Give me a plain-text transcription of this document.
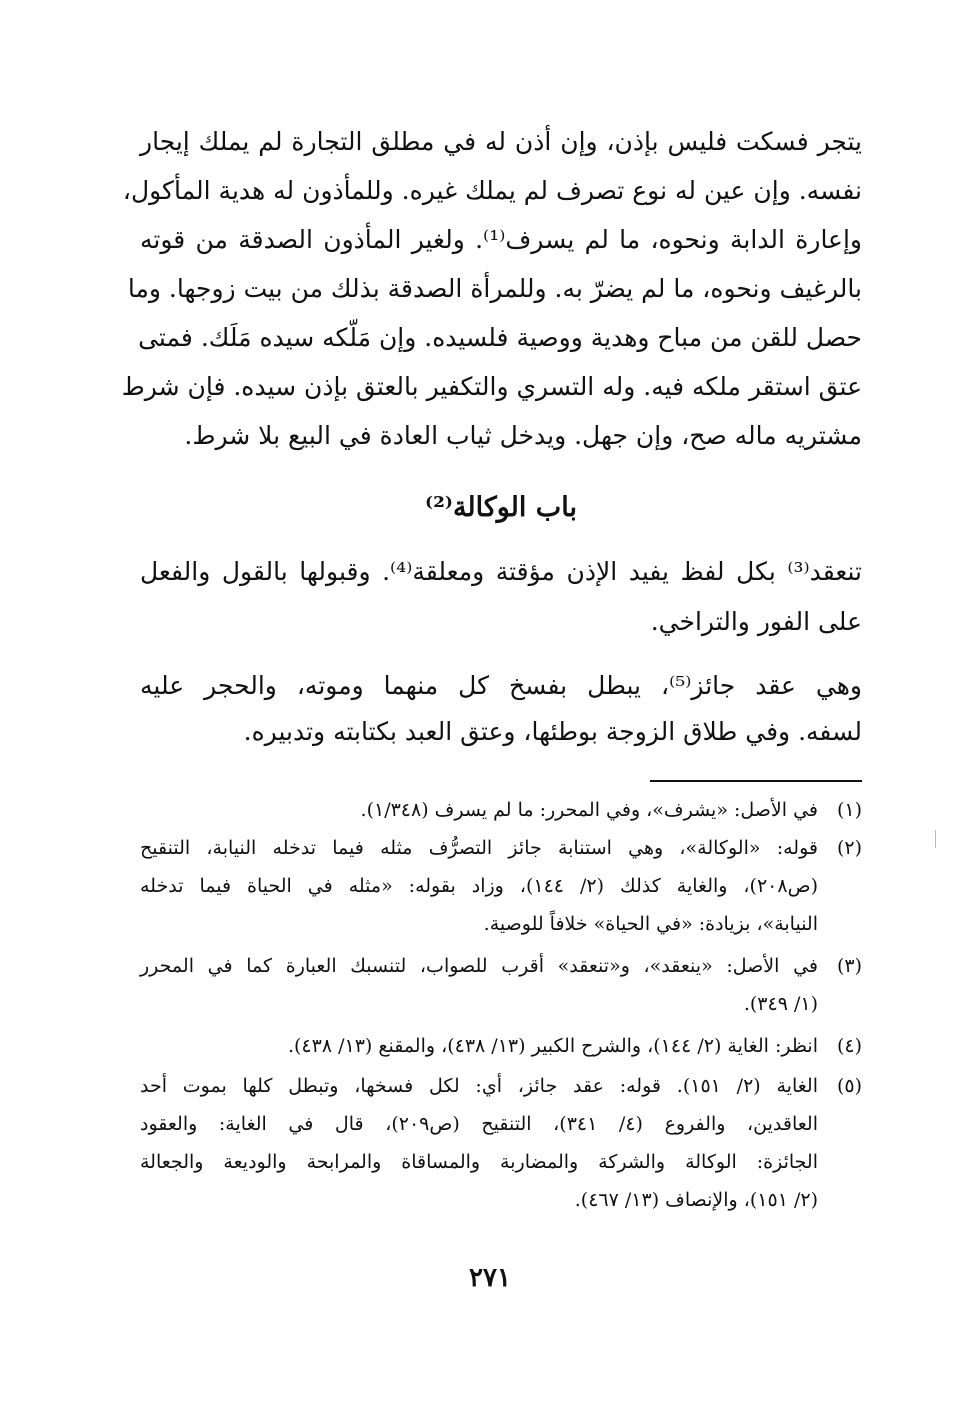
يتجر فسكت فليس بإذن، وإن أذن له في مطلق التجارة لم يملك إيجار
نفسه. وإن عين له نوع تصرف لم يملك غيره. وللمأذون له هدية المأكول،
وإعارة الدابة ونحوه، ما لم يسرف⁽¹⁾. ولغير المأذون الصدقة من قوته
بالرغيف ونحوه، ما لم يضرّ به. وللمرأة الصدقة بذلك من بيت زوجها. وما
حصل للقن من مباح وهدية ووصية فلسيده. وإن مَلّكه سيده مَلَك. فمتى
عتق استقر ملكه فيه. وله التسري والتكفير بالعتق بإذن سيده. فإن شرط
مشتريه ماله صح، وإن جهل. ويدخل ثياب العادة في البيع بلا شرط.
باب الوكالة⁽²⁾
تنعقد⁽³⁾ بكل لفظ يفيد الإذن مؤقتة ومعلقة⁽⁴⁾. وقبولها بالقول والفعل
على الفور والتراخي.
وهي عقد جائز⁽⁵⁾، يبطل بفسخ كل منهما وموته، والحجر عليه
لسفه. وفي طلاق الزوجة بوطئها، وعتق العبد بكتابته وتدبيره.
(١)
في الأصل: «يشرف»، وفي المحرر: ما لم يسرف (١/٣٤٨).
(٢)
قوله: «الوكالة»، وهي استنابة جائز التصرُّف مثله فيما تدخله النيابة، التنقيح
(ص٢٠٨)، والغاية كذلك (٢/ ١٤٤)، وزاد بقوله: «مثله في الحياة فيما تدخله
النيابة»، بزيادة: «في الحياة» خلافاً للوصية.
(٣)
في الأصل: «ينعقد»، و«تنعقد» أقرب للصواب، لتنسبك العبارة كما في المحرر
(١/ ٣٤٩).
(٤)
انظر: الغاية (٢/ ١٤٤)، والشرح الكبير (١٣/ ٤٣٨)، والمقنع (١٣/ ٤٣٨).
(٥)
الغاية (٢/ ١٥١). قوله: عقد جائز، أي: لكل فسخها، وتبطل كلها بموت أحد
العاقدين، والفروع (٤/ ٣٤١)، التنقيح (ص٢٠٩)، قال في الغاية: والعقود
الجائزة: الوكالة والشركة والمضاربة والمساقاة والمرابحة والوديعة والجعالة
(٢/ ١٥١)، والإنصاف (١٣/ ٤٦٧).
٢٧١
